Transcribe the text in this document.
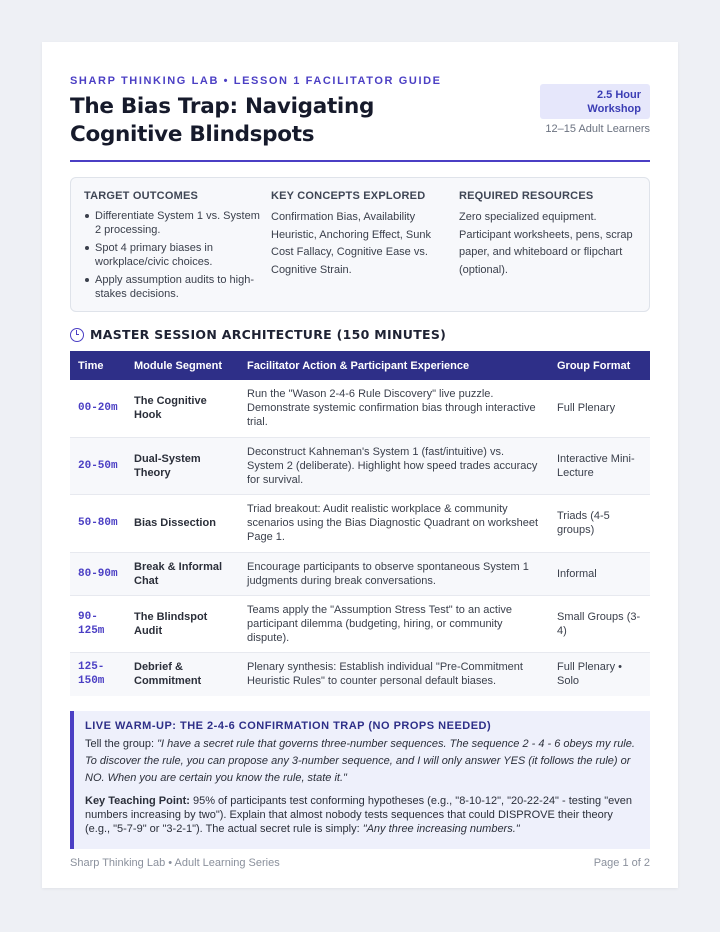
SHARP THINKING LAB • LESSON 1 FACILITATOR GUIDE
The Bias Trap: Navigating Cognitive Blindspots
2.5 Hour
Workshop
12–15 Adult Learners
TARGET OUTCOMES
Differentiate System 1 vs. System 2 processing.
Spot 4 primary biases in workplace/civic choices.
Apply assumption audits to high-stakes decisions.
KEY CONCEPTS EXPLORED

Confirmation Bias, Availability Heuristic, Anchoring Effect, Sunk Cost Fallacy, Cognitive Ease vs. Cognitive Strain.

REQUIRED RESOURCES

Zero specialized equipment. Participant worksheets, pens, scrap paper, and whiteboard or flipchart (optional).

MASTER SESSION ARCHITECTURE (150 MINUTES)
Time	Module Segment	Facilitator Action & Participant Experience	Group Format
00-20m	The Cognitive Hook	Run the "Wason 2-4-6 Rule Discovery" live puzzle. Demonstrate systemic confirmation bias through interactive trial.	Full Plenary
20-50m	Dual-System Theory	Deconstruct Kahneman's System 1 (fast/intuitive) vs. System 2 (deliberate). Highlight how speed trades accuracy for survival.	Interactive Mini-Lecture
50-80m	Bias Dissection	Triad breakout: Audit realistic workplace & community scenarios using the Bias Diagnostic Quadrant on worksheet Page 1.	Triads (4-5 groups)
80-90m	Break & Informal Chat	Encourage participants to observe spontaneous System 1 judgments during break conversations.	Informal
90-125m	The Blindspot Audit	Teams apply the "Assumption Stress Test" to an active participant dilemma (budgeting, hiring, or community dispute).	Small Groups (3-4)
125-150m	Debrief & Commitment	Plenary synthesis: Establish individual "Pre-Commitment Heuristic Rules" to counter personal default biases.	Full Plenary • Solo
LIVE WARM-UP: THE 2-4-6 CONFIRMATION TRAP (NO PROPS NEEDED)

Tell the group: "I have a secret rule that governs three-number sequences. The sequence 2 - 4 - 6 obeys my rule. To discover the rule, you can propose any 3-number sequence, and I will only answer YES (it follows the rule) or NO. When you are certain you know the rule, state it."

Key Teaching Point: 95% of participants test conforming hypotheses (e.g., "8-10-12", "20-22-24" - testing "even numbers increasing by two"). Explain that almost nobody tests sequences that could DISPROVE their theory (e.g., "5-7-9" or "3-2-1"). The actual secret rule is simply: "Any three increasing numbers."

Sharp Thinking Lab • Adult Learning Series	Page 1 of 2
